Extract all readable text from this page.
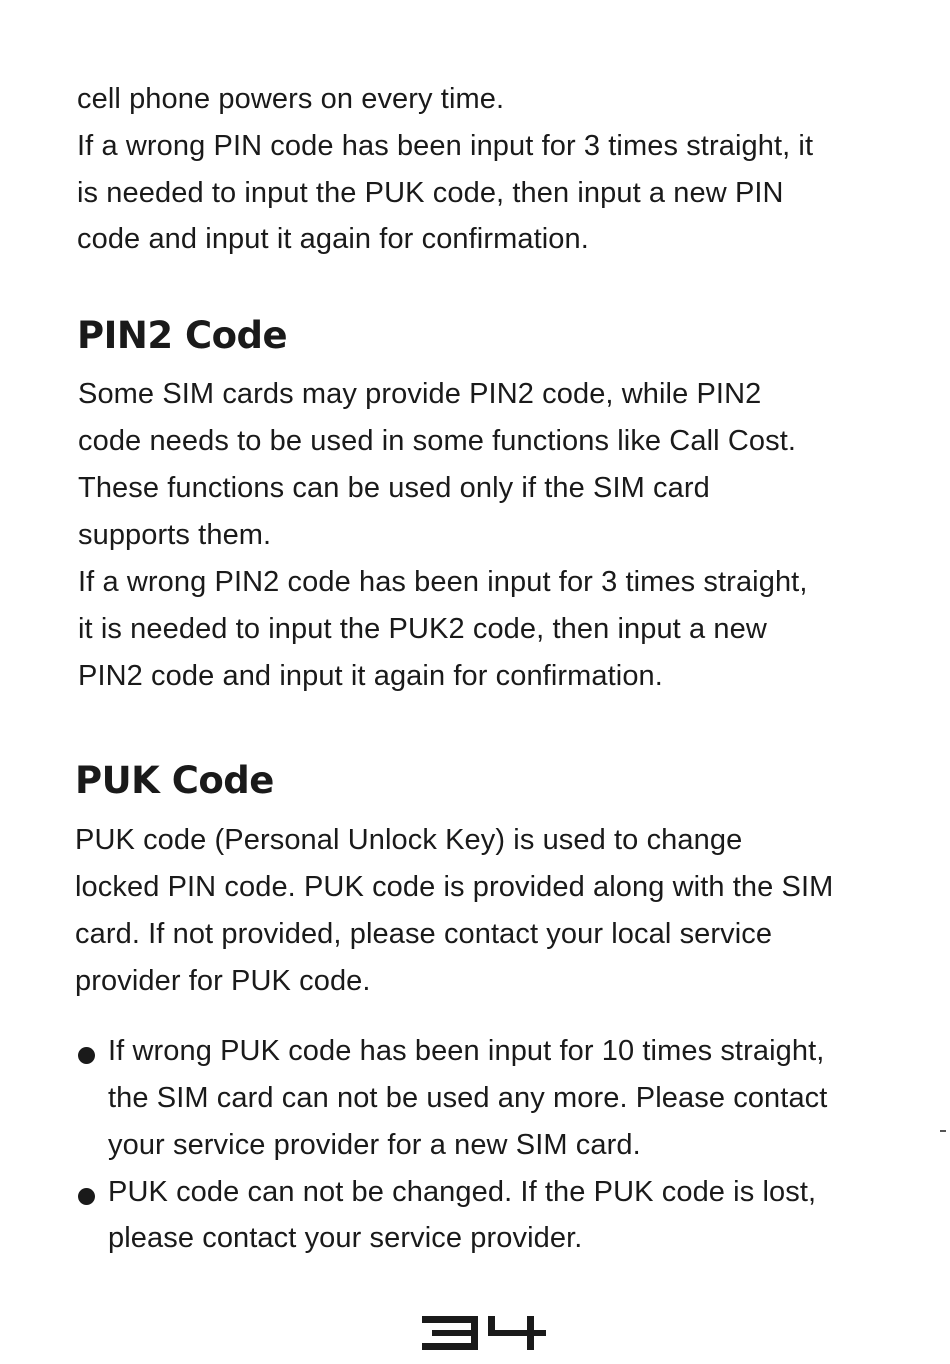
cell phone powers on every time.
If a wrong PIN code has been input for 3 times straight, it
is needed to input the PUK code, then input a new PIN
code and input it again for confirmation.
PIN2 Code
Some SIM cards may provide PIN2 code, while PIN2
code needs to be used in some functions like Call Cost.
These functions can be used only if the SIM card
supports them.
If a wrong PIN2 code has been input for 3 times straight,
it is needed to input the PUK2 code, then input a new
PIN2 code and input it again for confirmation.
PUK Code
PUK code (Personal Unlock Key) is used to change
locked PIN code. PUK code is provided along with the SIM
card. If not provided, please contact your local service
provider for PUK code.
If wrong PUK code has been input for 10 times straight,
the SIM card can not be used any more. Please contact
your service provider for a new SIM card.
PUK code can not be changed. If the PUK code is lost,
please contact your service provider.
